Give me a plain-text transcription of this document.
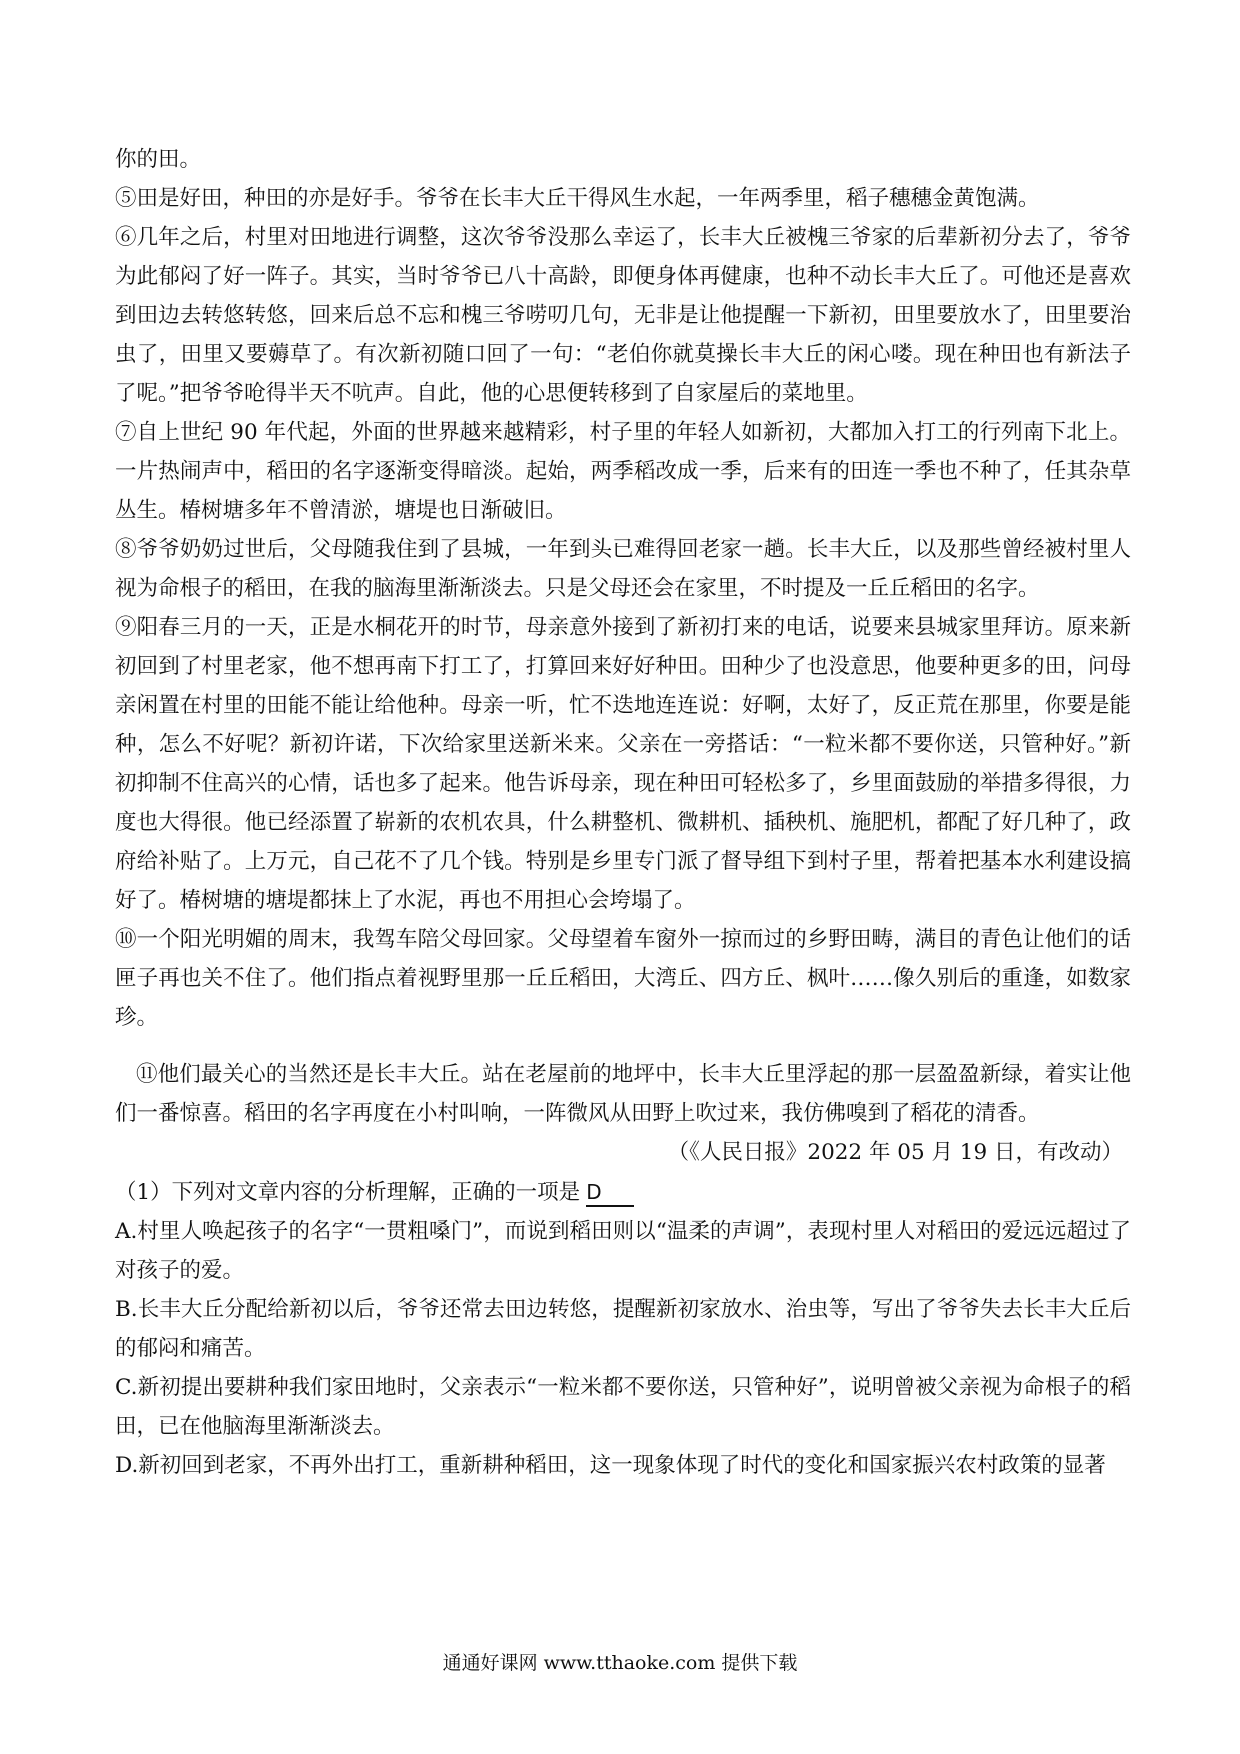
你的田。

⑤田是好田，种田的亦是好手。爷爷在长丰大丘干得风生水起，一年两季里，稻子穗穗金黄饱满。

⑥几年之后，村里对田地进行调整，这次爷爷没那么幸运了，长丰大丘被槐三爷家的后辈新初分去了，爷爷为此郁闷了好一阵子。其实，当时爷爷已八十高龄，即便身体再健康，也种不动长丰大丘了。可他还是喜欢到田边去转悠转悠，回来后总不忘和槐三爷唠叨几句，无非是让他提醒一下新初，田里要放水了，田里要治虫了，田里又要薅草了。有次新初随口回了一句：“老伯你就莫操长丰大丘的闲心喽。现在种田也有新法子了呢。”把爷爷呛得半天不吭声。自此，他的心思便转移到了自家屋后的菜地里。

⑦自上世纪 90 年代起，外面的世界越来越精彩，村子里的年轻人如新初，大都加入打工的行列南下北上。一片热闹声中，稻田的名字逐渐变得暗淡。起始，两季稻改成一季，后来有的田连一季也不种了，任其杂草丛生。椿树塘多年不曾清淤，塘堤也日渐破旧。

⑧爷爷奶奶过世后，父母随我住到了县城，一年到头已难得回老家一趟。长丰大丘，以及那些曾经被村里人视为命根子的稻田，在我的脑海里渐渐淡去。只是父母还会在家里，不时提及一丘丘稻田的名字。

⑨阳春三月的一天，正是水桐花开的时节，母亲意外接到了新初打来的电话，说要来县城家里拜访。原来新初回到了村里老家，他不想再南下打工了，打算回来好好种田。田种少了也没意思，他要种更多的田，问母亲闲置在村里的田能不能让给他种。母亲一听，忙不迭地连连说：好啊，太好了，反正荒在那里，你要是能种，怎么不好呢？新初许诺，下次给家里送新米来。父亲在一旁搭话：“一粒米都不要你送，只管种好。”新初抑制不住高兴的心情，话也多了起来。他告诉母亲，现在种田可轻松多了，乡里面鼓励的举措多得很，力度也大得很。他已经添置了崭新的农机农具，什么耕整机、微耕机、插秧机、施肥机，都配了好几种了，政府给补贴了。上万元，自己花不了几个钱。特别是乡里专门派了督导组下到村子里，帮着把基本水利建设搞好了。椿树塘的塘堤都抹上了水泥，再也不用担心会垮塌了。

⑩一个阳光明媚的周末，我驾车陪父母回家。父母望着车窗外一掠而过的乡野田畴，满目的青色让他们的话匣子再也关不住了。他们指点着视野里那一丘丘稻田，大湾丘、四方丘、枫叶……像久别后的重逢，如数家珍。

⑪他们最关心的当然还是长丰大丘。站在老屋前的地坪中，长丰大丘里浮起的那一层盈盈新绿，着实让他们一番惊喜。稻田的名字再度在小村叫响，一阵微风从田野上吹过来，我仿佛嗅到了稻花的清香。

（《人民日报》2022 年 05 月 19 日，有改动）

（1）下列对文章内容的分析理解，正确的一项是 D

A.村里人唤起孩子的名字“一贯粗嗓门”，而说到稻田则以“温柔的声调”，表现村里人对稻田的爱远远超过了对孩子的爱。

B.长丰大丘分配给新初以后，爷爷还常去田边转悠，提醒新初家放水、治虫等，写出了爷爷失去长丰大丘后的郁闷和痛苦。

C.新初提出要耕种我们家田地时，父亲表示“一粒米都不要你送，只管种好”，说明曾被父亲视为命根子的稻田，已在他脑海里渐渐淡去。

D.新初回到老家，不再外出打工，重新耕种稻田，这一现象体现了时代的变化和国家振兴农村政策的显著

通通好课网 www.tthaoke.com 提供下载
